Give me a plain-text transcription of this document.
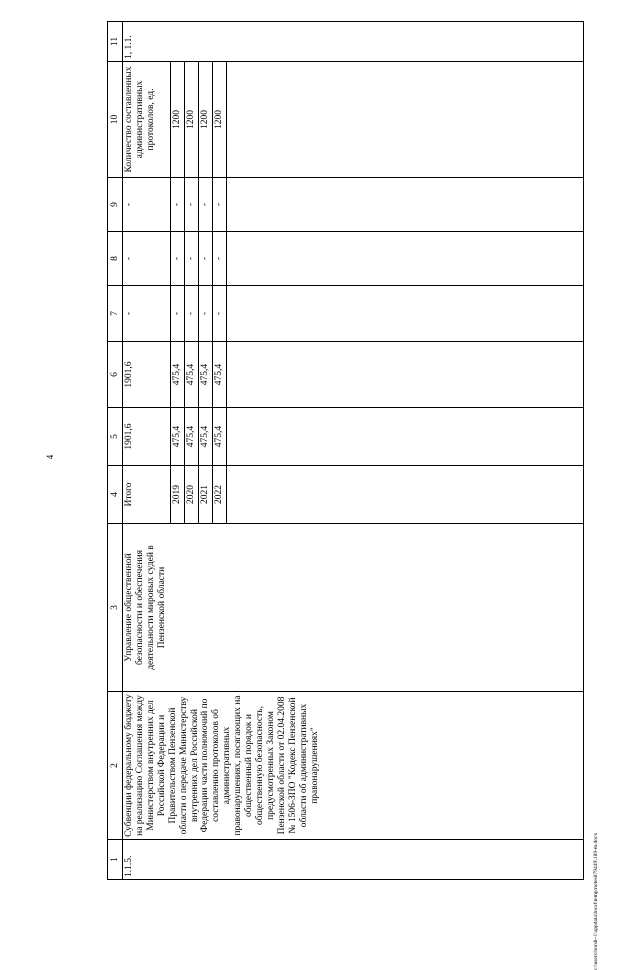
4
c:\users\borsh~1\appdata\local\temp\notes879449\189-m.docx
1	2	3	4	5	6	7	8	9	10	11
1.1.5.	Субвенции федеральному бюджету на реализацию Соглашения между Министерством внутренних дел Российской Федерации и Правительством Пензенской области о передаче Министерству внутренних дел Российской Федерации части полномочий по составлению протоколов об административных правонарушениях, посягающих на общественный порядок и общественную безопасность, предусмотренных Законом Пензенской области от 02.04.2008 № 1506-ЗПО "Кодекс Пензенской области об административных правонарушениях"	Управление общественной безопасности и обеспечения деятельности мировых судей в Пензенской области	Итого	1901,6	1901,6	-	-	-	Количество составленных административных протоколов, ед.	1, 1.1.
			2019	475,4	475,4	-	-	-	1200	
			2020	475,4	475,4	-	-	-	1200	
			2021	475,4	475,4	-	-	-	1200	
			2022	475,4	475,4	-	-	-	1200	
